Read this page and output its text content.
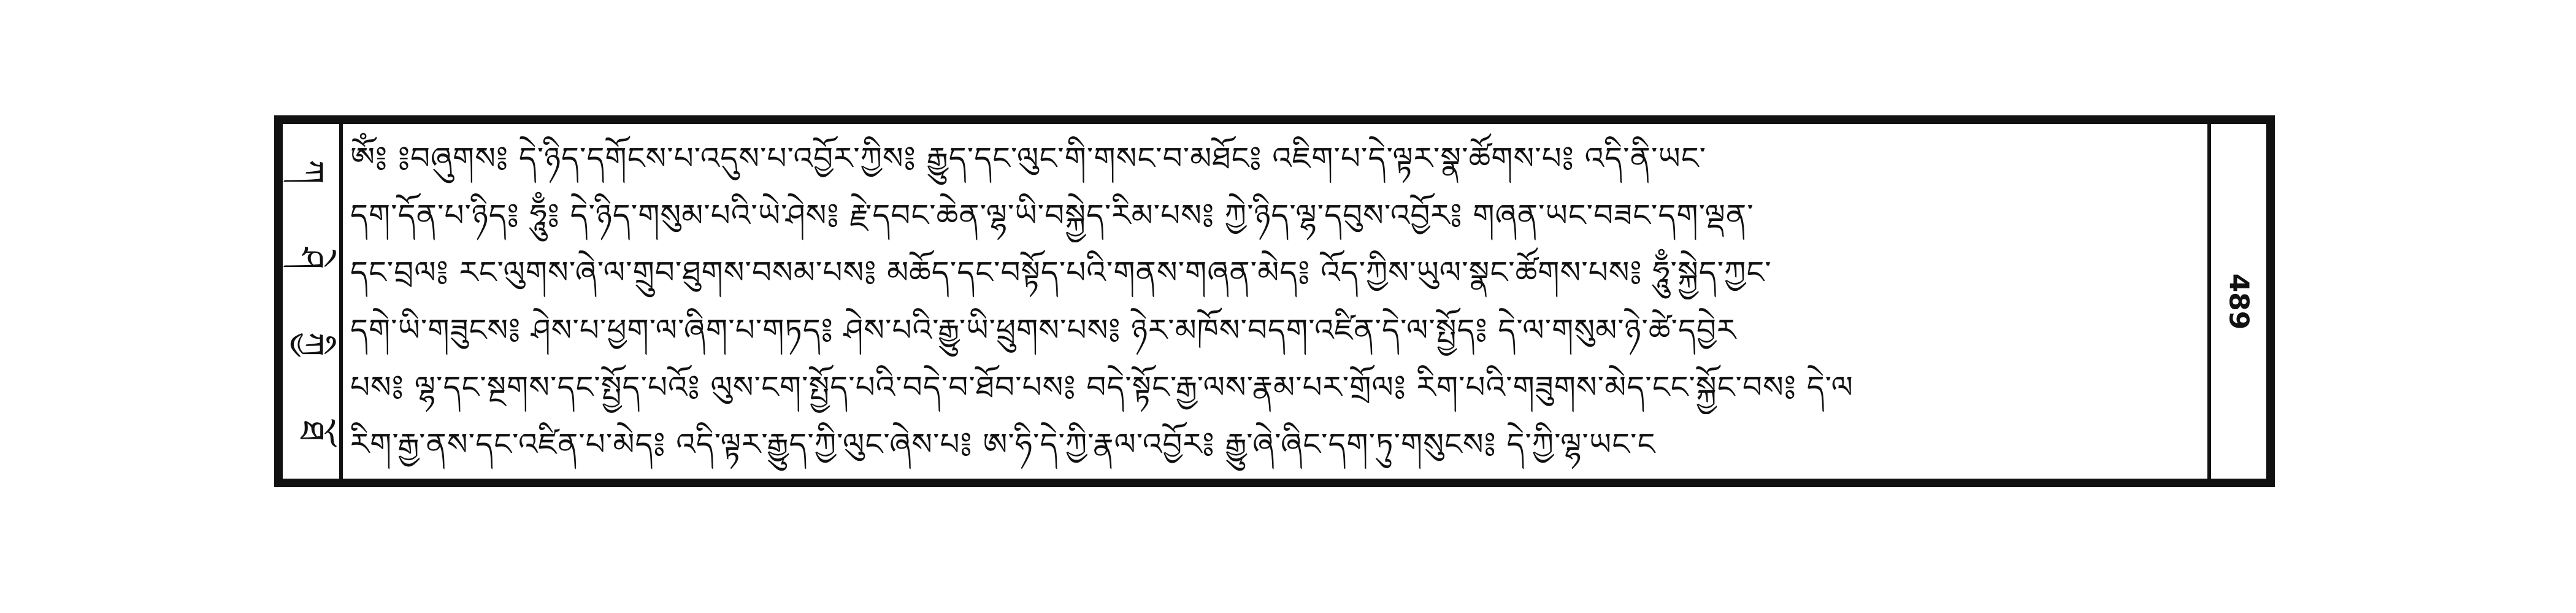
ཀ
ཤེ
ཀྱི
ཐོ
ༀ༔ ༔བཞུགས༔ དེ་ཉིད་དགོངས་པ་འདུས་པ་འབྱོར་ཀྱིས༔ རྒྱུད་དང་ལུང་གི་གསང་བ་མཐོང༔ འཇིག་པ་དེ་ལྟར་སྣ་ཚོགས་པ༔ འདི་ནི་ཡང་
དག་དོན་པ་ཉིད༔ ཧཱུྃ༔ དེ་ཉིད་གསུམ་པའི་ཡེ་ཤེས༔ རྗེ་དབང་ཆེན་ལྷ་ཡི་བསྐྱེད་རིམ་པས༔ ཀྱེ་ཉིད་ལྷ་དབུས་འབྱོར༔ གཞན་ཡང་བཟང་དག་ལྡན་
དང་བྲལ༔ རང་ལུགས་ཞེ་ལ་གྲུབ་ཐུགས་བསམ་པས༔ མཆོད་དང་བསྟོད་པའི་གནས་གཞན་མེད༔ འོད་ཀྱིས་ཡུལ་སྣང་ཚོགས་པས༔ ཧཱུྃ་སྐྱེད་ཀྱང་
དགེ་ཡི་གཟུངས༔ ཤེས་པ་ཕྱག་ལ་ཞིག་པ་གཏད༔ ཤེས་པའི་རྒྱུ་ཡི་ཕྲུགས་པས༔ ཉེར་མཁོས་བདག་འཛིན་དེ་ལ་སྤྱོད༔ དེ་ལ་གསུམ་ཉེ་ཚེ་དབྱེར
པས༔ ལྷ་དང་སྔགས་དང་སྤྱོད་པའོ༔ ལུས་ངག་སྤྱོད་པའི་བདེ་བ་ཐོབ་པས༔ བདེ་སྟོང་རྒྱ་ལས་རྣམ་པར་གྲོལ༔ རིག་པའི་གཟུགས་མེད་ངང་སྐྱོང་བས༔ དེ་ལ
རིག་རྒྱ་ནས་དང་འཛིན་པ་མེད༔ འདི་ལྟར་རྒྱུད་ཀྱི་ལུང་ཞེས་པ༔ ཨ་ཧི་དེ་ཀྱི་རྣལ་འབྱོར༔ རྒྱུ་ཞེ་ཞིང་དག་ཏུ་གསུངས༔ དེ་ཀྱི་ལྷ་ཡང་ང
489
